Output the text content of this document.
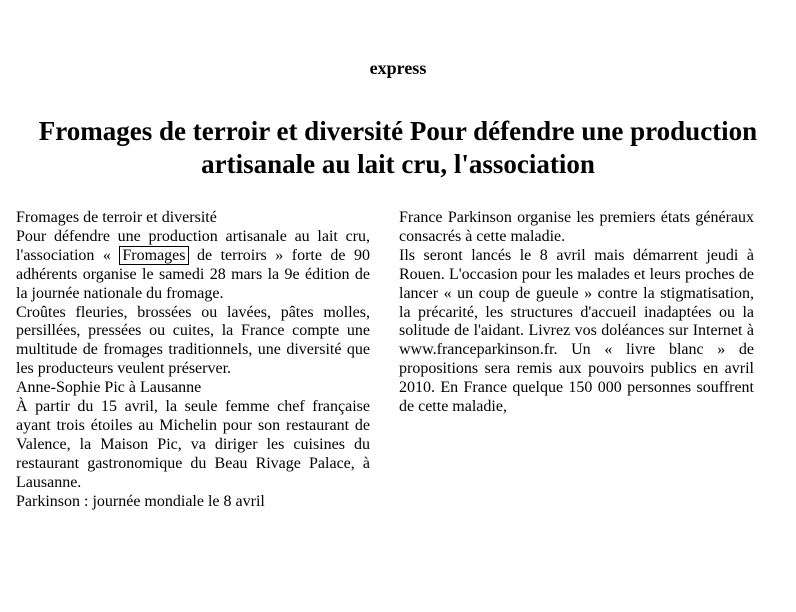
express
Fromages de terroir et diversité Pour défendre une production artisanale au lait cru, l'association

Fromages de terroir et diversité

Pour défendre une production artisanale au lait cru, l'association « Fromages de terroirs » forte de 90 adhérents organise le samedi 28 mars la 9e édition de la journée nationale du fromage.

Croûtes fleuries, brossées ou lavées, pâtes molles, persillées, pressées ou cuites, la France compte une multitude de fromages traditionnels, une diversité que les producteurs veulent préserver.

Anne-Sophie Pic à Lausanne

À partir du 15 avril, la seule femme chef française ayant trois étoiles au Michelin pour son restaurant de Valence, la Maison Pic, va diriger les cuisines du restaurant gastronomique du Beau Rivage Palace, à Lausanne.

Parkinson : journée mondiale le 8 avril

France Parkinson organise les premiers états généraux consacrés à cette maladie.

Ils seront lancés le 8 avril mais démarrent jeudi à Rouen. L'occasion pour les malades et leurs proches de lancer « un coup de gueule » contre la stigmatisation, la précarité, les structures d'accueil inadaptées ou la solitude de l'aidant. Livrez vos doléances sur Internet à www.franceparkinson.fr. Un « livre blanc » de propositions sera remis aux pouvoirs publics en avril 2010. En France quelque 150 000 personnes souffrent de cette maladie,
